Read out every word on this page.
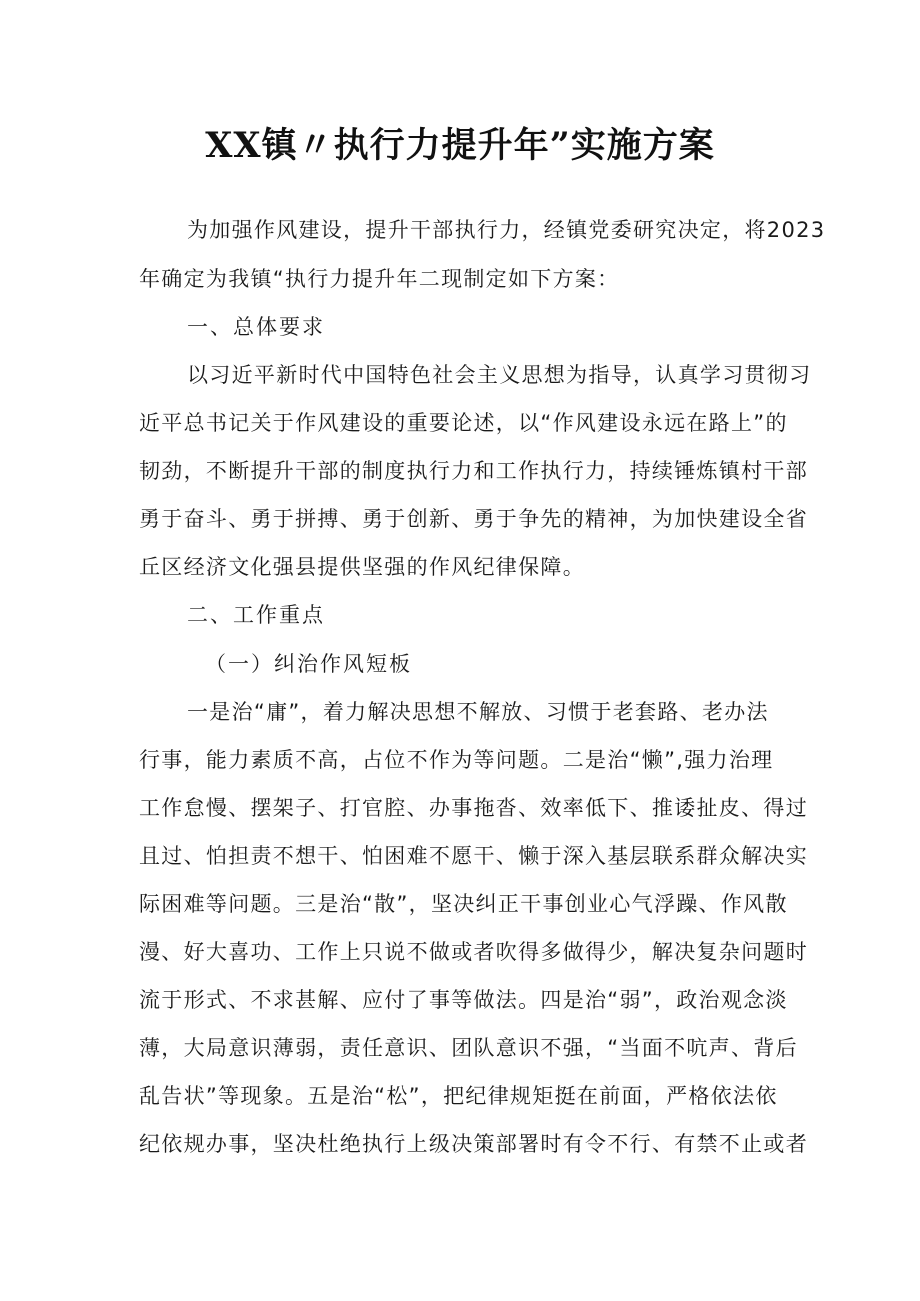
XX镇〃执行力提升年”实施方案
为加强作风建设，提升干部执行力，经镇党委研究决定，将2023
年确定为我镇“执行力提升年二现制定如下方案：
一、总体要求
以习近平新时代中国特色社会主义思想为指导，认真学习贯彻习
近平总书记关于作风建设的重要论述，以“作风建设永远在路上”的
韧劲，不断提升干部的制度执行力和工作执行力，持续锤炼镇村干部
勇于奋斗、勇于拼搏、勇于创新、勇于争先的精神，为加快建设全省
丘区经济文化强县提供坚强的作风纪律保障。
二、工作重点
（一）纠治作风短板
一是治“庸”，着力解决思想不解放、习惯于老套路、老办法
行事，能力素质不高，占位不作为等问题。二是治“懒”,强力治理
工作怠慢、摆架子、打官腔、办事拖沓、效率低下、推诿扯皮、得过
且过、怕担责不想干、怕困难不愿干、懒于深入基层联系群众解决实
际困难等问题。三是治“散”，坚决纠正干事创业心气浮躁、作风散
漫、好大喜功、工作上只说不做或者吹得多做得少，解决复杂问题时
流于形式、不求甚解、应付了事等做法。四是治“弱”，政治观念淡
薄，大局意识薄弱，责任意识、团队意识不强，“当面不吭声、背后
乱告状”等现象。五是治“松”，把纪律规矩挺在前面，严格依法依
纪依规办事，坚决杜绝执行上级决策部署时有令不行、有禁不止或者
